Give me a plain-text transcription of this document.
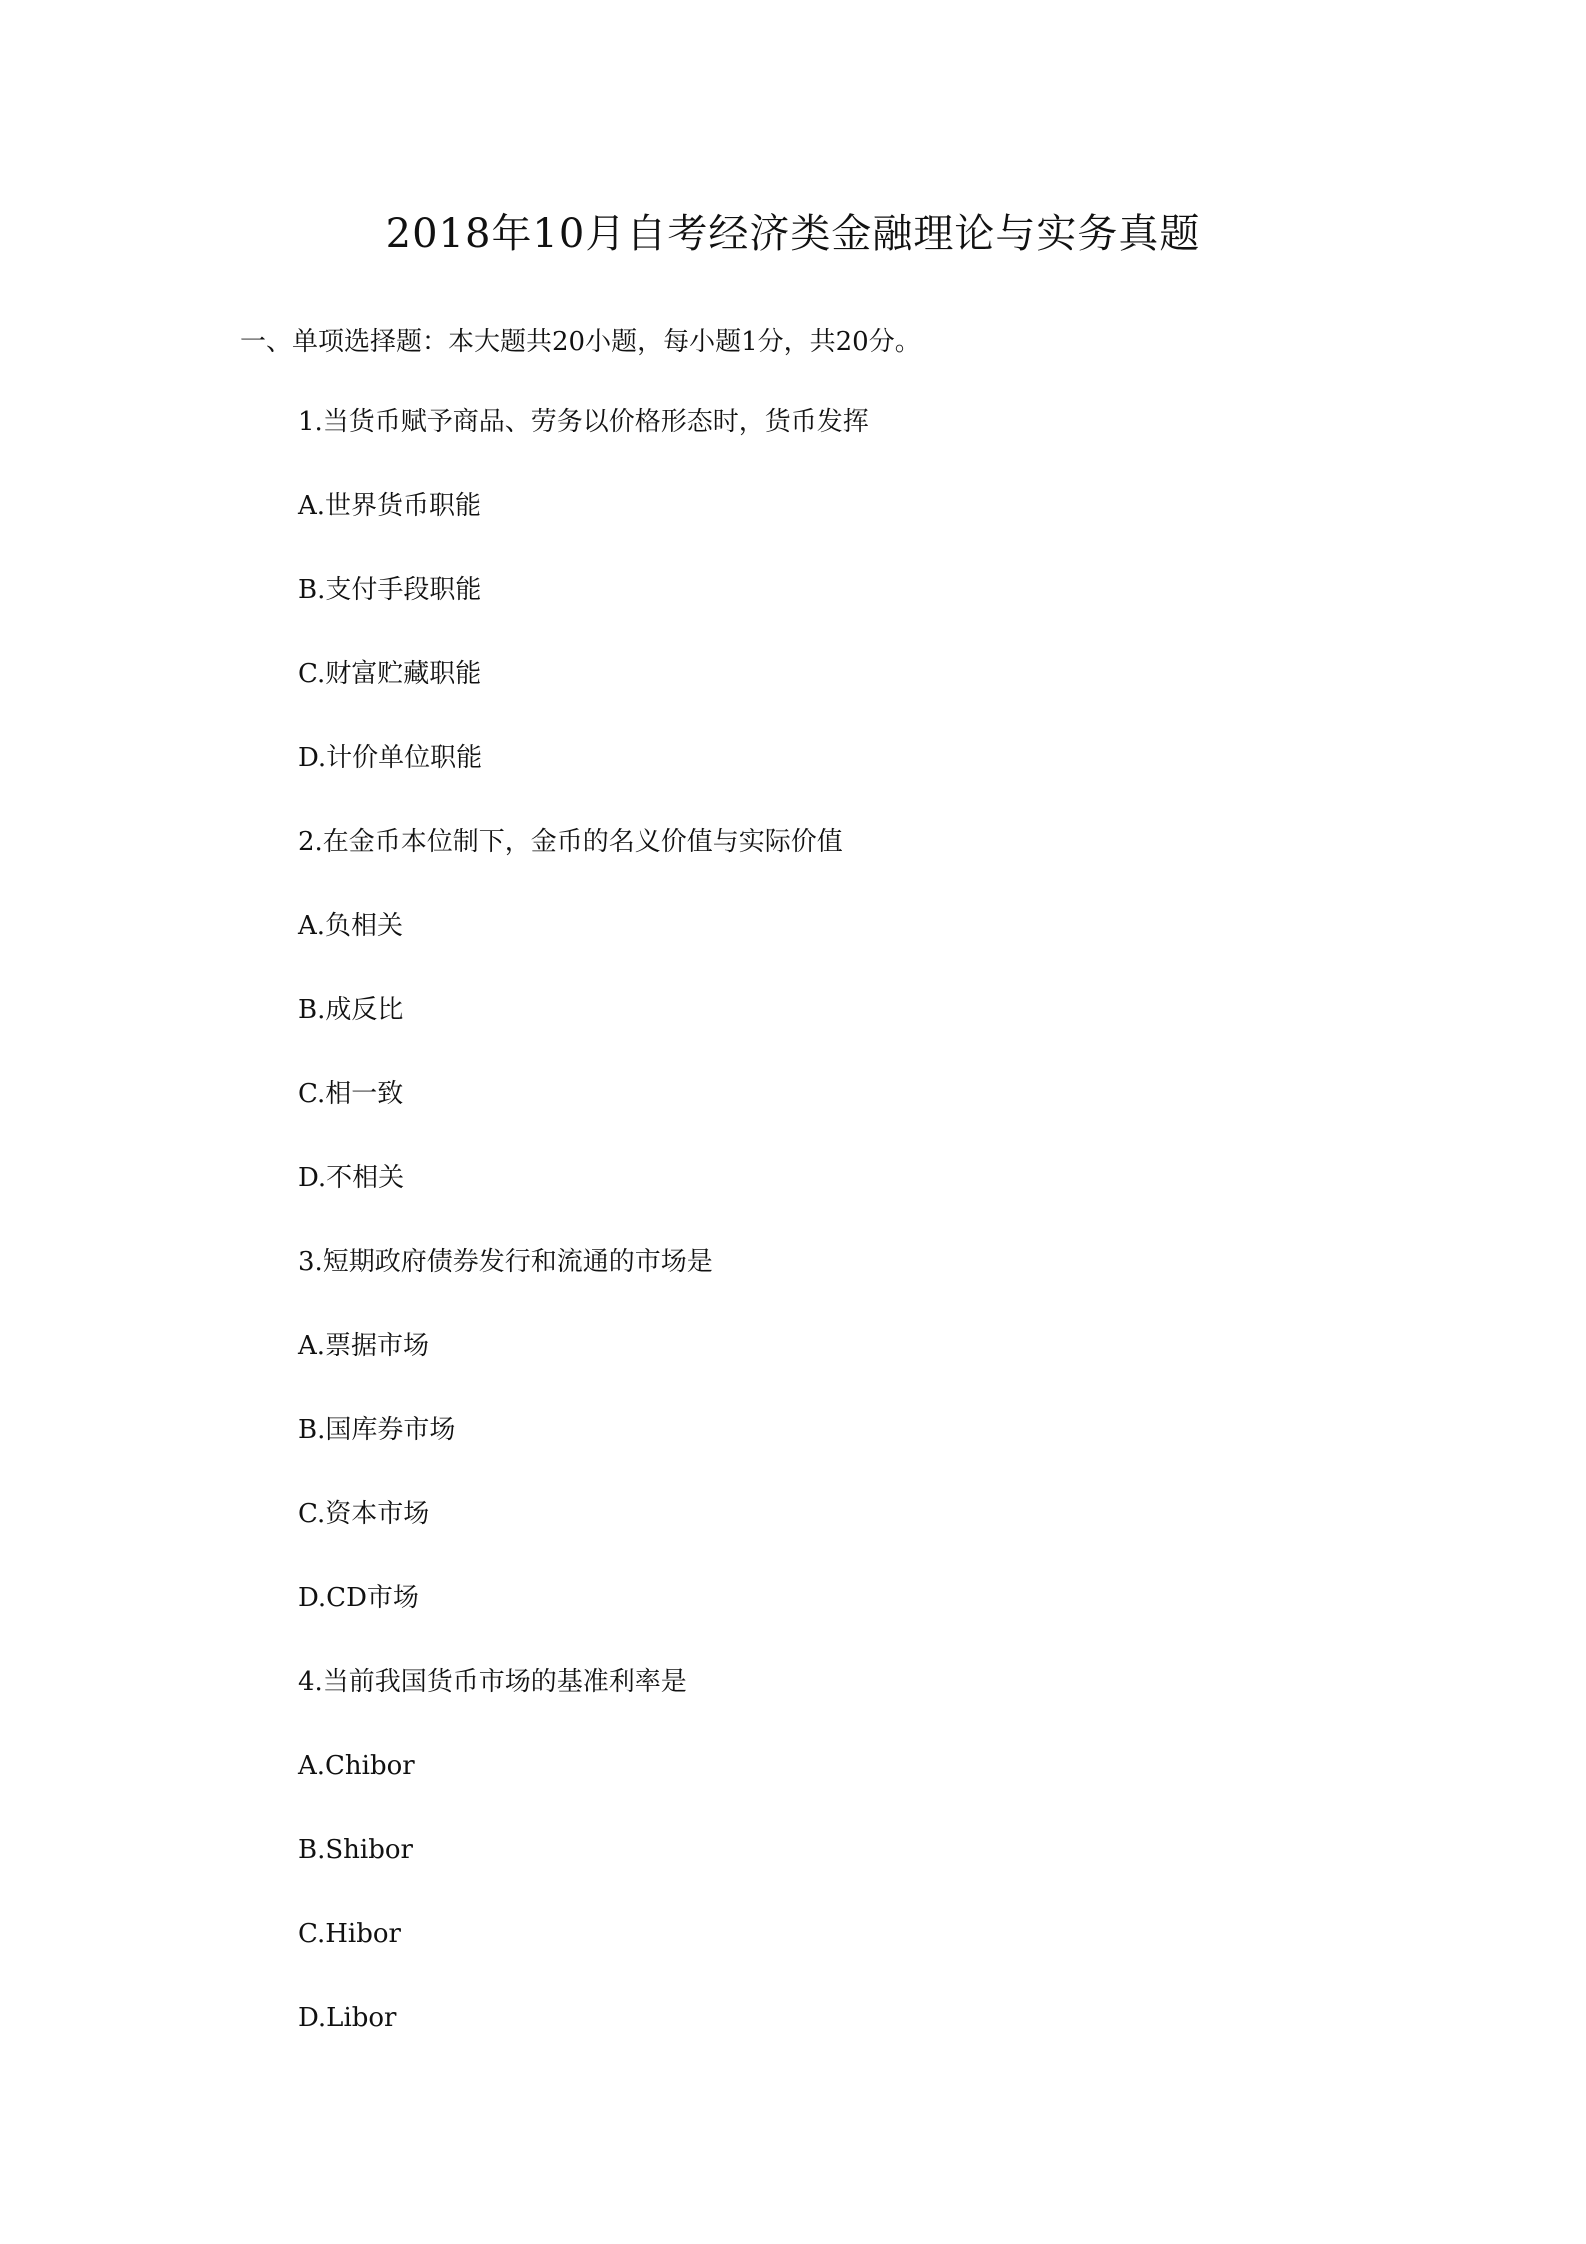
2018年10月自考经济类金融理论与实务真题
一、单项选择题：本大题共20小题，每小题1分，共20分。
1.当货币赋予商品、劳务以价格形态时，货币发挥
A.世界货币职能
B.支付手段职能
C.财富贮藏职能
D.计价单位职能
2.在金币本位制下，金币的名义价值与实际价值
A.负相关
B.成反比
C.相一致
D.不相关
3.短期政府债券发行和流通的市场是
A.票据市场
B.国库券市场
C.资本市场
D.CD市场
4.当前我国货币市场的基准利率是
A.Chibor
B.Shibor
C.Hibor
D.Libor
